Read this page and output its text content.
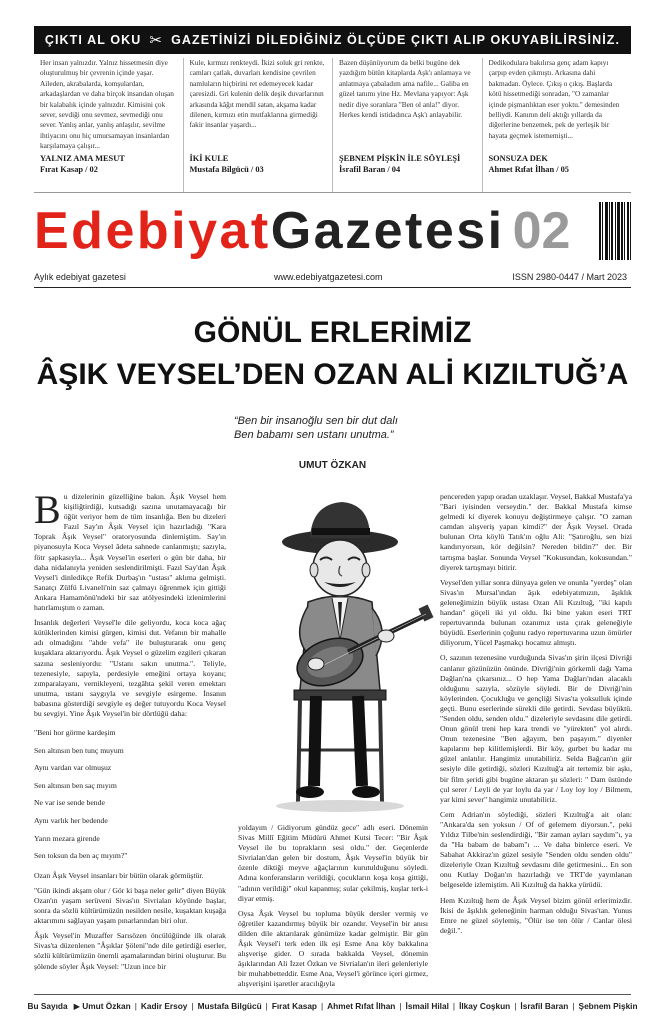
ÇIKTI AL OKU ✂ GAZETİNİZİ DİLEDİĞİNİZ ÖLÇÜDE ÇIKTI ALIP OKUYABİLİRSİNİZ.
Her insan yalnızdır. Yalnız hissetmesin diye oluşturulmuş bir çevrenin içinde yaşar. Aileden, akrabalarda, komşulardan, arkadaşlardan ve daha birçok insandan oluşan bir kalabalık içinde yalnızdır. Kimisini çok sever, sevdiği onu sevmez, sevmediği onu sever. Yanlış anlar, yanlış anlaşılır, sevilme ihtiyacını onu hiç umursamayan insanlardan karşılamaya çalışır...
YALNIZ AMA MESUT
Fırat Kasap / 02
Kule, kırmızı renkteydi. İkizi soluk gri renkte, camları çatlak, duvarları kendisine çevrilen namluların hiçbirini ret edemeyecek kadar çaresizdi. Gri kulenin delik deşik duvarlarının arkasında kâğıt mendil satan, akşama kadar dilenen, kırmızı etin mutfaklarına girmediği fakir insanlar yaşardı...
İKİ KULE
Mustafa Bilgücü / 03
Bazen düşünüyorum da belki bugüne dek yazdığım bütün kitaplarda Aşk'ı anlamaya ve anlatmaya çabaladım ama nafile... Galiba en güzel tanımı yine Hz. Mevlana yapıyor: Aşk nedir diye soranlara "Ben ol anla!" diyor. Herkes kendi istidadınca Aşk'ı anlayabilir.
ŞEBNEM PİŞKİN İLE SÖYLEŞİ
İsrafil Baran / 04
Dedikodulara bakılırsa genç adam kapıyı çarpıp evden çıkmıştı. Arkasına dahi bakmadan. Öylece. Çıkış o çıkış. Başlarda kötü hissetmediği sonradan, "O zamanlar içinde pişmanlıktan eser yoktu." demesinden belliydi. Kanının deli aktığı yıllarda da diğerlerine benzemek, pek de yerleşik bir hayata geçmek istememişti...
SONSUZA DEK
Ahmet Rıfat İlhan / 05
EdebiyatGazetesi 02
Aylık edebiyat gazetesi	www.edebiyatgazetesi.com	ISSN 2980-0447 / Mart 2023
GÖNÜL ERLERİMİZ
ÂŞIK VEYSEL’DEN OZAN ALİ KIZILTUĞ’A
“Ben bir insanoğlu sen bir dut dalı
Ben babamı sen ustanı unutma.”
UMUT ÖZKAN

Bu dizelerinin güzelliğine bakın. Âşık Veysel hem kişiliğtirdiği, kutsadığı sazına unutamayacağı bir öğüt veriyor hem de tüm insanlığa. Ben bu dizeleri Fazıl Say'ın Âşık Veysel için hazırladığı "Kara Toprak Âşık Veysel" oratoryosunda dinlemiştim. Say'ın piyanosuyla Koca Veysel âdeta sahnede canlanmıştı; sazıyla, fötr şapkasıyla... Âşık Veysel'in eserleri o gün bir daha, bir daha nidalanıyla yeniden seslendirilmişti. Fazıl Say'dan Âşık Veysel'i dinledikçe Refik Durbaş'ın "ustası" aklıma gelmişti. Sanatçı Zülfü Livaneli'nin saz çalmayı öğrenmek için gittiği Ankara Hamamönü'ndeki bir saz atölyesindeki izlenimlerini hatırlamıştım o zaman.

İnsanlık değerleri Veysel'le dile geliyordu, koca koca ağaç kütüklerinden kimisi gürgen, kimisi dut. Vefanın bir mahalle adı olmadığını "ahde vefa" ile buluşturarak onu genç kuşaklara aktarıyordu. Âşık Veysel o güzelim ezgileri çıkaran sazına sesleniyordu: "Ustanı sakın unutma.". Teliyle, tezenesiyle, sapıyla, perdesiyle emeğini ortaya koyanı; zımparalayanı, vernikleyeni, tezgâhta şekil veren emektarı unutma, ustanı saygıyla ve sevgiyle esirgeme. İnsanın babasına gösterdiği sevgiyle eş değer tutuyordu Koca Veysel bu sevgiyi. Yine Âşık Veysel'in bir dörtlüğü daha:

"Beni hor görme kardeşim
Sen altınsın ben tunç muyum
Aynı vardan var olmuşuz
Sen altınsın ben saç mıyım
Ne var ise sende bende
Aynı varlık her bedende
Yarın mezara girende
Sen toksun da ben aç mıyım?"

Ozan Âşık Veysel insanları bir bütün olarak görmüştür.

"Gün ikindi akşam olur / Gör ki başa neler gelir" diyen Büyük Ozan'ın yaşam serüveni Sivas'ın Sivrialan köyünde başlar, sonra da sözlü kültürümüzün nesilden nesile, kuşaktan kuşağa aktarımını sağlayan yaşam pınarlarından biri olur.

Âşık Veysel'in Muzaffer Sarısözen öncülüğünde ilk olarak Sivas'ta düzenlenen "Âşıklar Şöleni"nde dile getirdiği eserler, sözlü kültürümüzün önemli aşamalarından birini oluşturur. Bu şölende söyler Âşık Veysel: "Uzun ince bir

yoldayım / Gidiyorum gündüz gece" adlı eseri. Dönemin Sivas Millî Eğitim Müdürü Ahmet Kutsi Tecer: "Bir Âşık Veysel ile bu toprakların sesi oldu." der. Geçenlerde Sivrialan'dan gelen bir dostum, Âşık Veysel'in büyük bir özenle diktiği meyve ağaçlarının kurutulduğunu söyledi. Adına konferansların verildiği, çocukların koşa koşa gittiği, "adının verildiği" okul kapanmış; sular çekilmiş, kuşlar terk-i diyar etmiş.

Oysa Âşık Veysel bu topluma büyük dersler vermiş ve öğretiler kazandırmış büyük bir ozandır. Veysel'in bir anısı dilden dile aktarılarak günümüze kadar gelmiştir. Bir gün Âşık Veysel'i terk eden ilk eşi Esme Ana köy bakkalına alışverişe gider. O sırada bakkalda Veysel, dönemin âşıklarından Ali İzzet Özkan ve Sivrialan'ın ileri gelenleriyle bir muhabbetteddir. Esme Ana, Veysel'i görünce içeri girmez, alışverişini işaretler aracılığıyla

pencereden yapıp oradan uzaklaşır. Veysel, Bakkal Mustafa'ya "Bari iyisinden verseydin." der. Bakkal Mustafa kimse gelmedi ki diyerek konuyu değiştirmeye çalışır. "O zaman camdan alışveriş yapan kimdi?" der Âşık Veysel. Orada bulunan Orta köylü Tatık'ın oğlu Ali: "Şatıroğlu, sen bizi kandırıyorsun, kör değilsin? Nereden bildin?" der. Bir tartışma başlar. Sonunda Veysel "Kokusundan, kokusundan." diyerek tartışmayı bitirir.

Veysel'den yıllar sonra dünyaya gelen ve onunla "yerdeş" olan Sivas'ın Mursal'ından âşık edebiyatımızın, âşıklık geleneğimizin büyük ustası Ozan Ali Kızıltuğ, "iki kapılı handan" göçeli iki yıl oldu. İki bine yakın eseri TRT repertuvarında bulunan ozanımız usta çırak geleneğiyle büyüdü. Eserlerinin çoğunu radyo repertuvarına uzun ömürler diliyorum, Yücel Paşmakçı hocamız almıştı.

O, sazının tezenesine vurduğunda Sivas'ın şirin ilçesi Divriği canlanır gözünüzün önünde. Divriği'nin görkemli dağı Yama Dağları'na çıkarsınız... O hep Yama Dağları'ndan alacaklı olduğunu sazıyla, sözüyle söyledi. Bir de Divriği'nin köylerinden. Çocukluğu ve gençliği Sivas'ta yoksulluk içinde geçti. Bunu eserlerinde sürekli dile getirdi. Sevdası büyüktü. "Senden oldu, senden oldu." dizeleriyle sevdasını dile getirdi. Onun gönül treni hep kara trendi ve "yürekten" yol alırdı. Onun tezenesine "Ben ağayım, ben paşayım." diyenler kapılarını hep kilitlemişlerdi. Bir köy, gurbet bu kadar mı güzel anlatılır. Hangimiz unutabiliriz. Selda Bağcan'ın gür sesiyle dile getirdiği, sözleri Kızıltuğ'a ait tertemiz bir aşkı, bir film şeridi gibi bugüne aktaran şu sözleri: " Dam üstünde çul serer / Leyli de yar loylu da yar / Loy loy loy / Bilmem, yar kimi sever" hangimiz unutabiliriz.

Cem Adrian'ın söylediği, sözleri Kızıltuğ'a ait olan: "Ankara'da sen yoksun / Of of gelemem diyorsun.", peki Yıldız Tilbe'nin seslendirdiği, "Bir zaman ayları saydım"ı, ya da "Ha babam de babam"ı ... Ve daha binlerce eseri. Ve Sabahat Akkiraz'ın güzel sesiyle "Senden oldu senden oldu" dizeleriyle Ozan Kızıltuğ sevdasını dile getirmesini... En son onu Kutlay Doğan'ın hazırladığı ve TRT'de yayınlanan belgeselde izlemiştim. Ali Kızıltuğ da hakka yürüdü.

Hem Kızıltuğ hem de Âşık Veysel bizim gönül erlerimizdir. İkisi de âşıklık geleneğinin harman olduğu Sivas'tan. Yunus Emre ne güzel söylemiş, "Ölür ise ten ölür / Canlar ölesi değil.".

Bu Sayıda ▶
Umut Özkan | Kadir Ersoy | Mustafa Bilgücü | Fırat Kasap | Ahmet Rıfat İlhan | İsmail Hilal | İlkay Coşkun | İsrafil Baran | Şebnem Pişkin
